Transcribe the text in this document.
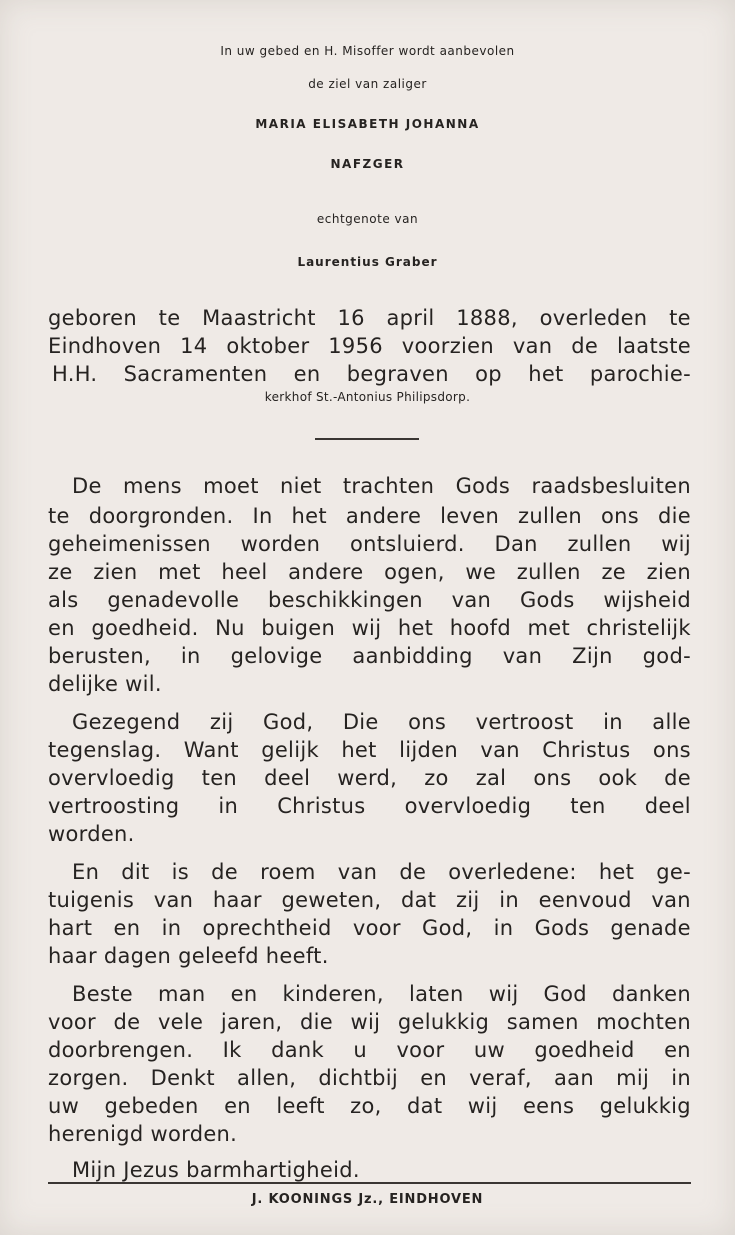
In uw gebed en H. Misoffer wordt aanbevolen
de ziel van zaliger
MARIA ELISABETH JOHANNA
NAFZGER
echtgenote van
Laurentius Graber
geboren te Maastricht 16 april 1888, overleden te
Eindhoven 14 oktober 1956 voorzien van de laatste
H.H. Sacramenten en begraven op het parochie-
kerkhof St.-Antonius Philipsdorp.
De mens moet niet trachten Gods raadsbesluiten
te doorgronden. In het andere leven zullen ons die
geheimenissen worden ontsluierd. Dan zullen wij
ze zien met heel andere ogen, we zullen ze zien
als genadevolle beschikkingen van Gods wijsheid
en goedheid. Nu buigen wij het hoofd met christelijk
berusten, in gelovige aanbidding van Zijn god-
delijke wil.
Gezegend zij God, Die ons vertroost in alle
tegenslag. Want gelijk het lijden van Christus ons
overvloedig ten deel werd, zo zal ons ook de
vertroosting in Christus overvloedig ten deel
worden.
En dit is de roem van de overledene: het ge-
tuigenis van haar geweten, dat zij in eenvoud van
hart en in oprechtheid voor God, in Gods genade
haar dagen geleefd heeft.
Beste man en kinderen, laten wij God danken
voor de vele jaren, die wij gelukkig samen mochten
doorbrengen. Ik dank u voor uw goedheid en
zorgen. Denkt allen, dichtbij en veraf, aan mij in
uw gebeden en leeft zo, dat wij eens gelukkig
herenigd worden.
Mijn Jezus barmhartigheid.
J. KOONINGS Jz., EINDHOVEN
